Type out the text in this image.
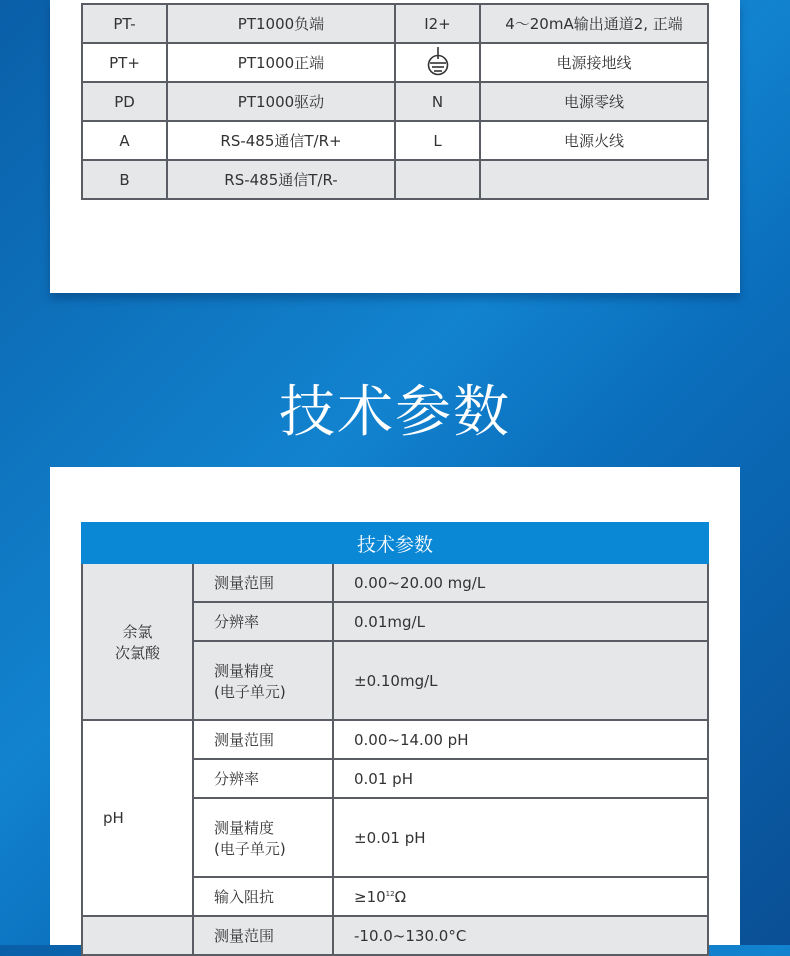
PT-	PT1000负端	I2+	4～20mA输出通道2, 正端
PT+	PT1000正端		电源接地线
PD	PT1000驱动	N	电源零线
A	RS-485通信T/R+	L	电源火线
B	RS-485通信T/R-		
技术参数
技术参数		
余氯
次氯酸	测量范围	0.00~20.00 mg/L
	分辨率	0.01mg/L
	测量精度
(电子单元)	±0.10mg/L
pH	测量范围	0.00~14.00 pH
	分辨率	0.01 pH
	测量精度
(电子单元)	±0.01 pH
	输入阻抗	$\ge 10^{12}\Omega$
	测量范围	-10.0~130.0°C
